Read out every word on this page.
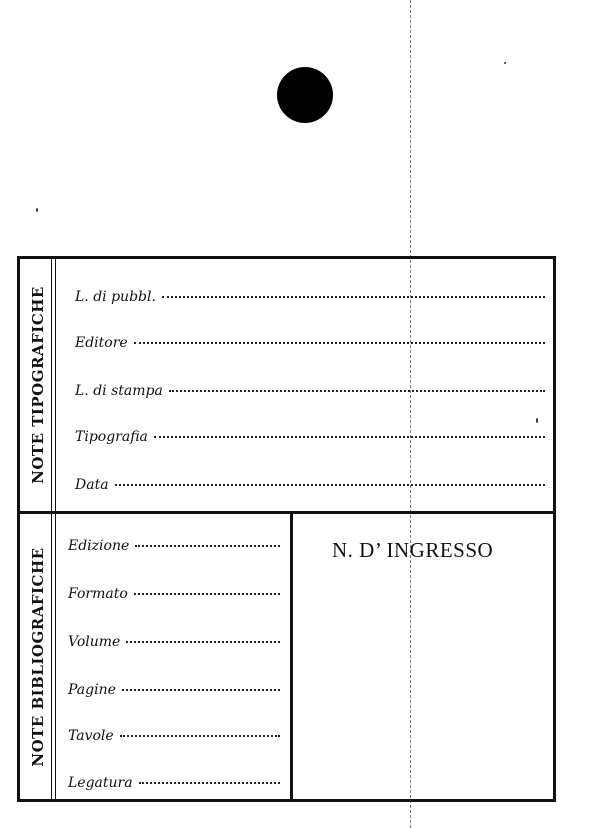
NOTE TIPOGRAFICHE L. di pubbl.
Editore
L. di stampa
Tipografia
Data
NOTE BIBLIOGRAFICHE
Edizione
Formato
Volume
Pagine
Tavole
Legatura
N. D’ INGRESSO
